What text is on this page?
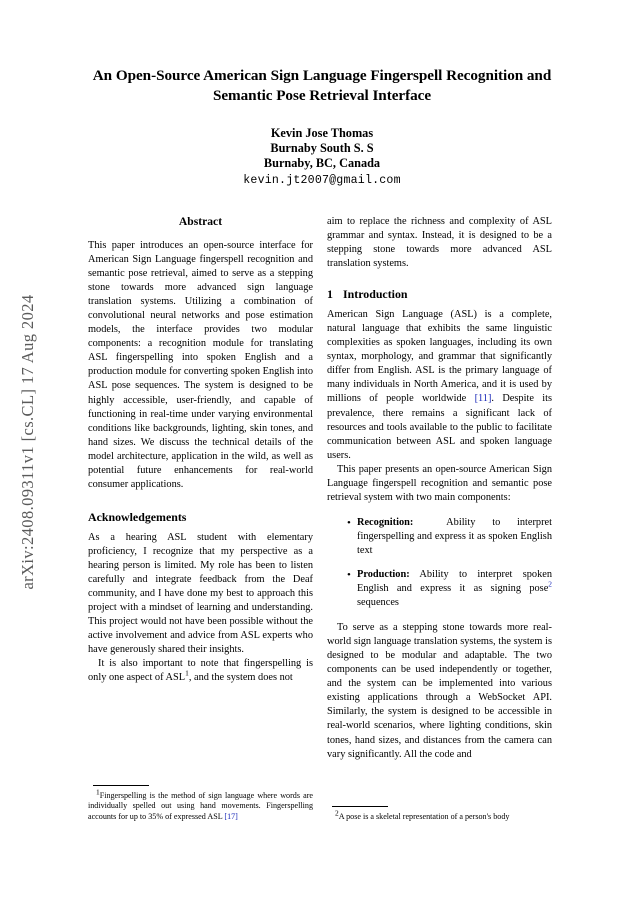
arXiv:2408.09311v1 [cs.CL] 17 Aug 2024
An Open-Source American Sign Language Fingerspell Recognition and Semantic Pose Retrieval Interface
Kevin Jose Thomas
Burnaby South S. S
Burnaby, BC, Canada
kevin.jt2007@gmail.com
Abstract

This paper introduces an open-source interface for American Sign Language fingerspell recognition and semantic pose retrieval, aimed to serve as a stepping stone towards more advanced sign language translation systems. Utilizing a combination of convolutional neural networks and pose estimation models, the interface provides two modular components: a recognition module for translating ASL fingerspelling into spoken English and a production module for converting spoken English into ASL pose sequences. The system is designed to be highly accessible, user-friendly, and capable of functioning in real-time under varying environmental conditions like backgrounds, lighting, skin tones, and hand sizes. We discuss the technical details of the model architecture, application in the wild, as well as potential future enhancements for real-world consumer applications.

Acknowledgements

As a hearing ASL student with elementary proficiency, I recognize that my perspective as a hearing person is limited. My role has been to listen carefully and integrate feedback from the Deaf community, and I have done my best to approach this project with a mindset of learning and understanding. This project would not have been possible without the active involvement and advice from ASL experts who have generously shared their insights.

It is also important to note that fingerspelling is only one aspect of ASL$^1$, and the system does not

aim to replace the richness and complexity of ASL grammar and syntax. Instead, it is designed to be a stepping stone towards more advanced ASL translation systems.

1 Introduction

American Sign Language (ASL) is a complete, natural language that exhibits the same linguistic complexities as spoken languages, including its own syntax, morphology, and grammar that significantly differ from English. ASL is the primary language of many individuals in North America, and it is used by millions of people worldwide [11]. Despite its prevalence, there remains a significant lack of resources and tools available to the public to facilitate communication between ASL and spoken language users.

This paper presents an open-source American Sign Language fingerspell recognition and semantic pose retrieval system with two main components:

• Recognition:	Ability to interpret fingerspelling and express it as spoken English text
• Production: Ability to interpret spoken English and express it as signing pose$^2$ sequences

To serve as a stepping stone towards more real-world sign language translation systems, the system is designed to be modular and adaptable. The two components can be used independently or together, and the system can be implemented into various existing applications through a WebSocket API. Similarly, the system is designed to be accessible in real-world scenarios, where lighting conditions, skin tones, hand sizes, and distances from the camera can vary significantly. All the code and

$^1$Fingerspelling is the method of sign language where words are individually spelled out using hand movements. Fingerspelling accounts for up to 35% of expressed ASL [17]	$^2$A pose is a skeletal representation of a person's body
